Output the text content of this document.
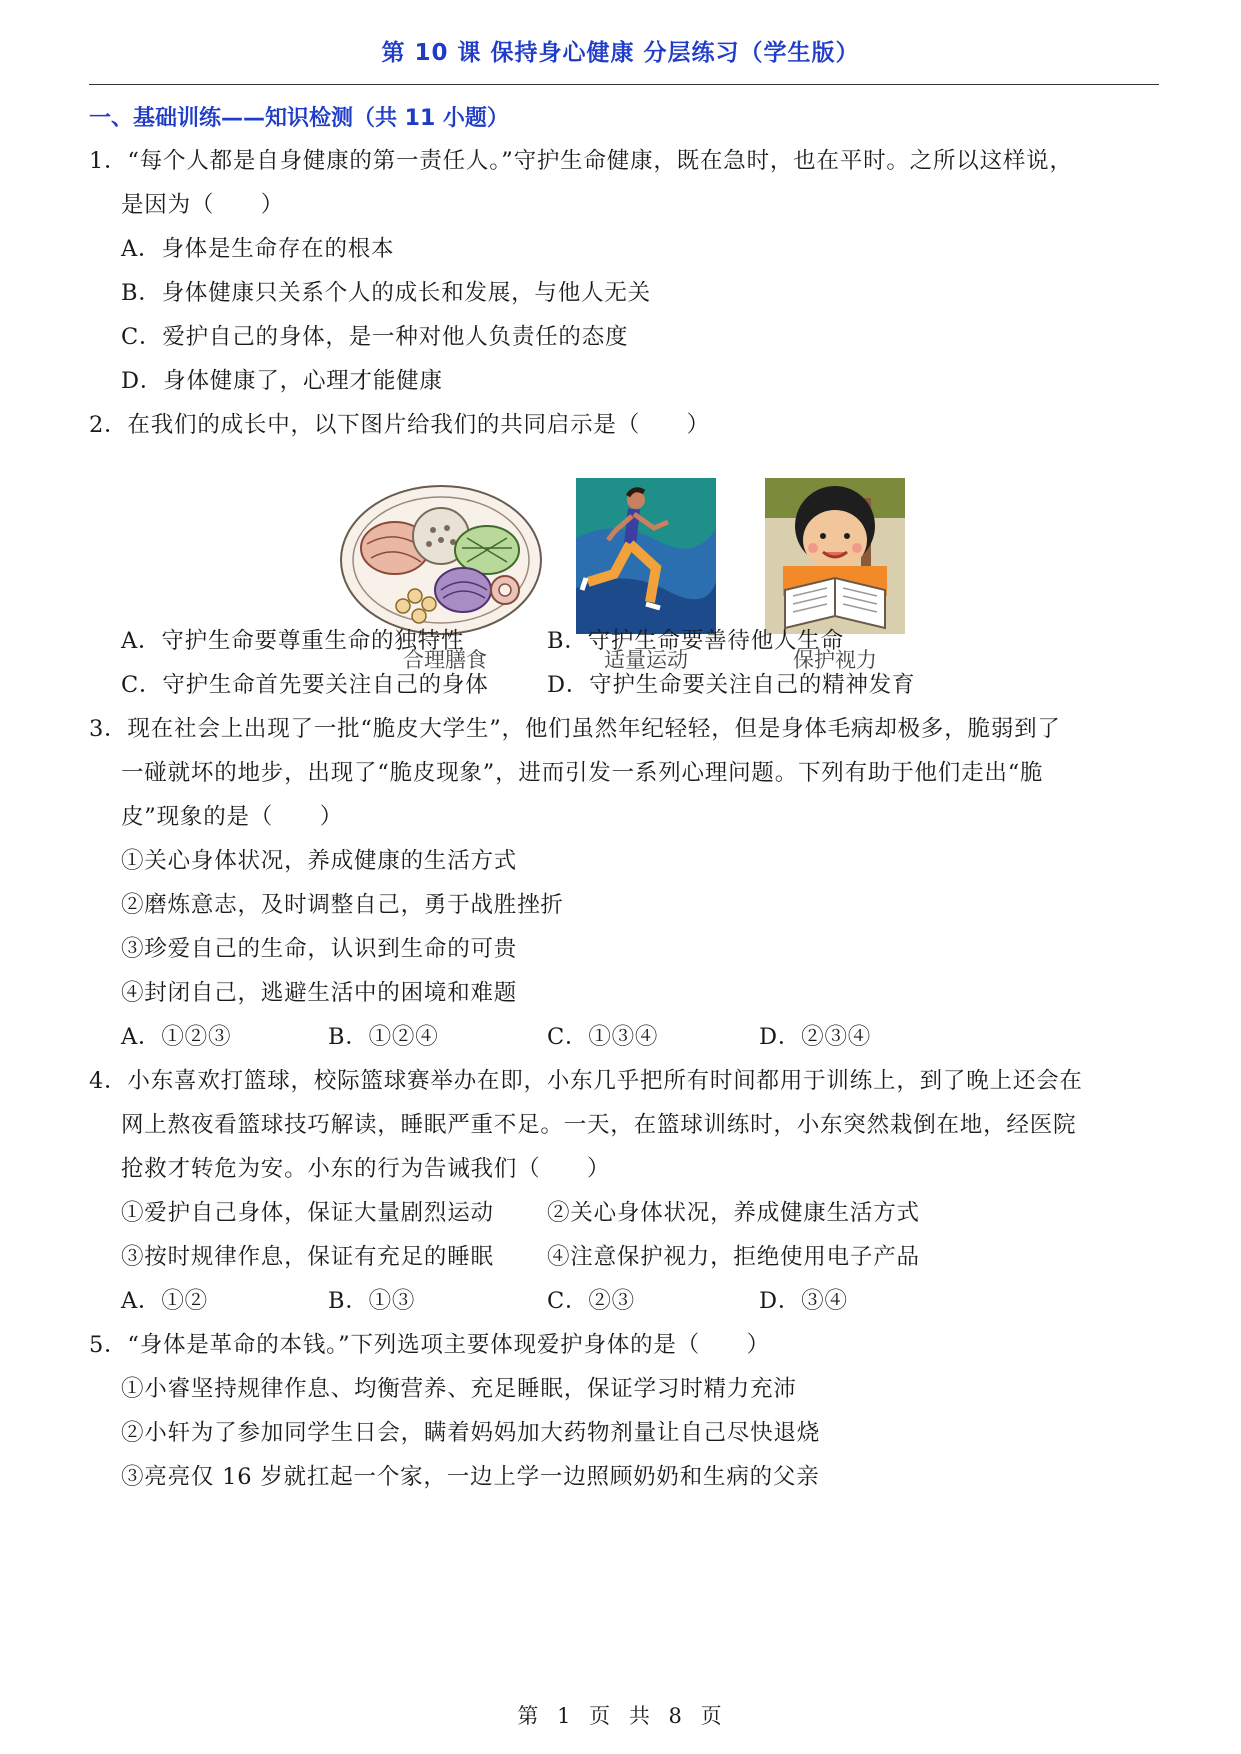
第 10 课 保持身心健康 分层练习（学生版）
一、基础训练——知识检测（共 11 小题）
1．“每个人都是自身健康的第一责任人。”守护生命健康，既在急时，也在平时。之所以这样说，
是因为（　　）
A．身体是生命存在的根本
B．身体健康只关系个人的成长和发展，与他人无关
C．爱护自己的身体，是一种对他人负责任的态度
D．身体健康了，心理才能健康
2．在我们的成长中，以下图片给我们的共同启示是（　　）
合理膳食	适量运动	保护视力
A．守护生命要尊重生命的独特性	B．守护生命要善待他人生命
C．守护生命首先要关注自己的身体	D．守护生命要关注自己的精神发育
3．现在社会上出现了一批“脆皮大学生”，他们虽然年纪轻轻，但是身体毛病却极多，脆弱到了
一碰就坏的地步，出现了“脆皮现象”，进而引发一系列心理问题。下列有助于他们走出“脆
皮”现象的是（　　）
①关心身体状况，养成健康的生活方式
②磨炼意志，及时调整自己，勇于战胜挫折
③珍爱自己的生命，认识到生命的可贵
④封闭自己，逃避生活中的困境和难题
A．①②③	B．①②④	C．①③④	D．②③④
4．小东喜欢打篮球，校际篮球赛举办在即，小东几乎把所有时间都用于训练上，到了晚上还会在
网上熬夜看篮球技巧解读，睡眠严重不足。一天，在篮球训练时，小东突然栽倒在地，经医院
抢救才转危为安。小东的行为告诫我们（　　）
①爱护自己身体，保证大量剧烈运动 ②关心身体状况，养成健康生活方式
③按时规律作息，保证有充足的睡眠 ④注意保护视力，拒绝使用电子产品
A．①②	B．①③	C．②③	D．③④
5．“身体是革命的本钱。”下列选项主要体现爱护身体的是（　　）
①小睿坚持规律作息、均衡营养、充足睡眠，保证学习时精力充沛
②小轩为了参加同学生日会，瞒着妈妈加大药物剂量让自己尽快退烧
③亮亮仅 16 岁就扛起一个家，一边上学一边照顾奶奶和生病的父亲
第 1 页 共 8 页
